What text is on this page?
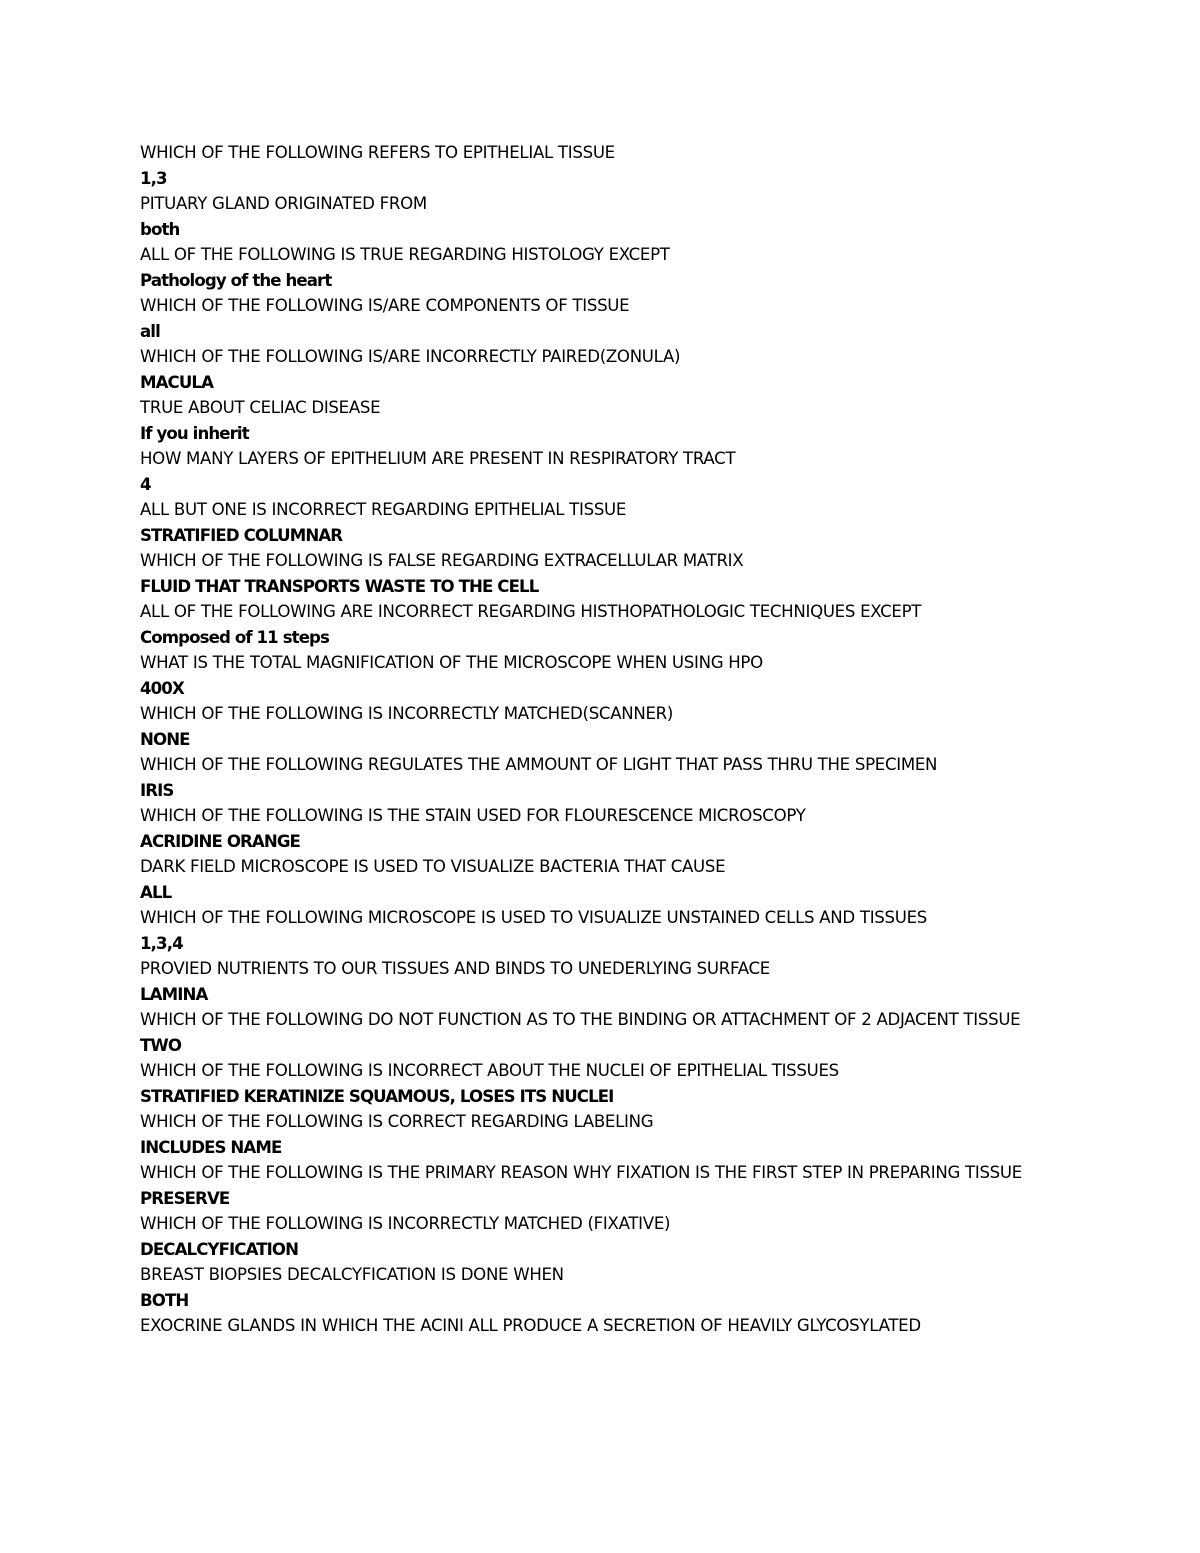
WHICH OF THE FOLLOWING REFERS TO EPITHELIAL TISSUE
1,3
PITUARY GLAND ORIGINATED FROM
both
ALL OF THE FOLLOWING IS TRUE REGARDING HISTOLOGY EXCEPT
Pathology of the heart
WHICH OF THE FOLLOWING IS/ARE COMPONENTS OF TISSUE
all
WHICH OF THE FOLLOWING IS/ARE INCORRECTLY PAIRED(ZONULA)
MACULA
TRUE ABOUT CELIAC DISEASE
If you inherit
HOW MANY LAYERS OF EPITHELIUM ARE PRESENT IN RESPIRATORY TRACT
4
ALL BUT ONE IS INCORRECT REGARDING EPITHELIAL TISSUE
STRATIFIED COLUMNAR
WHICH OF THE FOLLOWING IS FALSE REGARDING EXTRACELLULAR MATRIX
FLUID THAT TRANSPORTS WASTE TO THE CELL
ALL OF THE FOLLOWING ARE INCORRECT REGARDING HISTHOPATHOLOGIC TECHNIQUES EXCEPT
Composed of 11 steps
WHAT IS THE TOTAL MAGNIFICATION OF THE MICROSCOPE WHEN USING HPO
400X
WHICH OF THE FOLLOWING IS INCORRECTLY MATCHED(SCANNER)
NONE
WHICH OF THE FOLLOWING REGULATES THE AMMOUNT OF LIGHT THAT PASS THRU THE SPECIMEN
IRIS
WHICH OF THE FOLLOWING IS THE STAIN USED FOR FLOURESCENCE MICROSCOPY
ACRIDINE ORANGE
DARK FIELD MICROSCOPE IS USED TO VISUALIZE BACTERIA THAT CAUSE
ALL
WHICH OF THE FOLLOWING MICROSCOPE IS USED TO VISUALIZE UNSTAINED CELLS AND TISSUES
1,3,4
PROVIED NUTRIENTS TO OUR TISSUES AND BINDS TO UNEDERLYING SURFACE
LAMINA
WHICH OF THE FOLLOWING DO NOT FUNCTION AS TO THE BINDING OR ATTACHMENT OF 2 ADJACENT TISSUE
TWO
WHICH OF THE FOLLOWING IS INCORRECT ABOUT THE NUCLEI OF EPITHELIAL TISSUES
STRATIFIED KERATINIZE SQUAMOUS, LOSES ITS NUCLEI
WHICH OF THE FOLLOWING IS CORRECT REGARDING LABELING
INCLUDES NAME
WHICH OF THE FOLLOWING IS THE PRIMARY REASON WHY FIXATION IS THE FIRST STEP IN PREPARING TISSUE
PRESERVE
WHICH OF THE FOLLOWING IS INCORRECTLY MATCHED (FIXATIVE)
DECALCYFICATION
BREAST BIOPSIES DECALCYFICATION IS DONE WHEN
BOTH
EXOCRINE GLANDS IN WHICH THE ACINI ALL PRODUCE A SECRETION OF HEAVILY GLYCOSYLATED
